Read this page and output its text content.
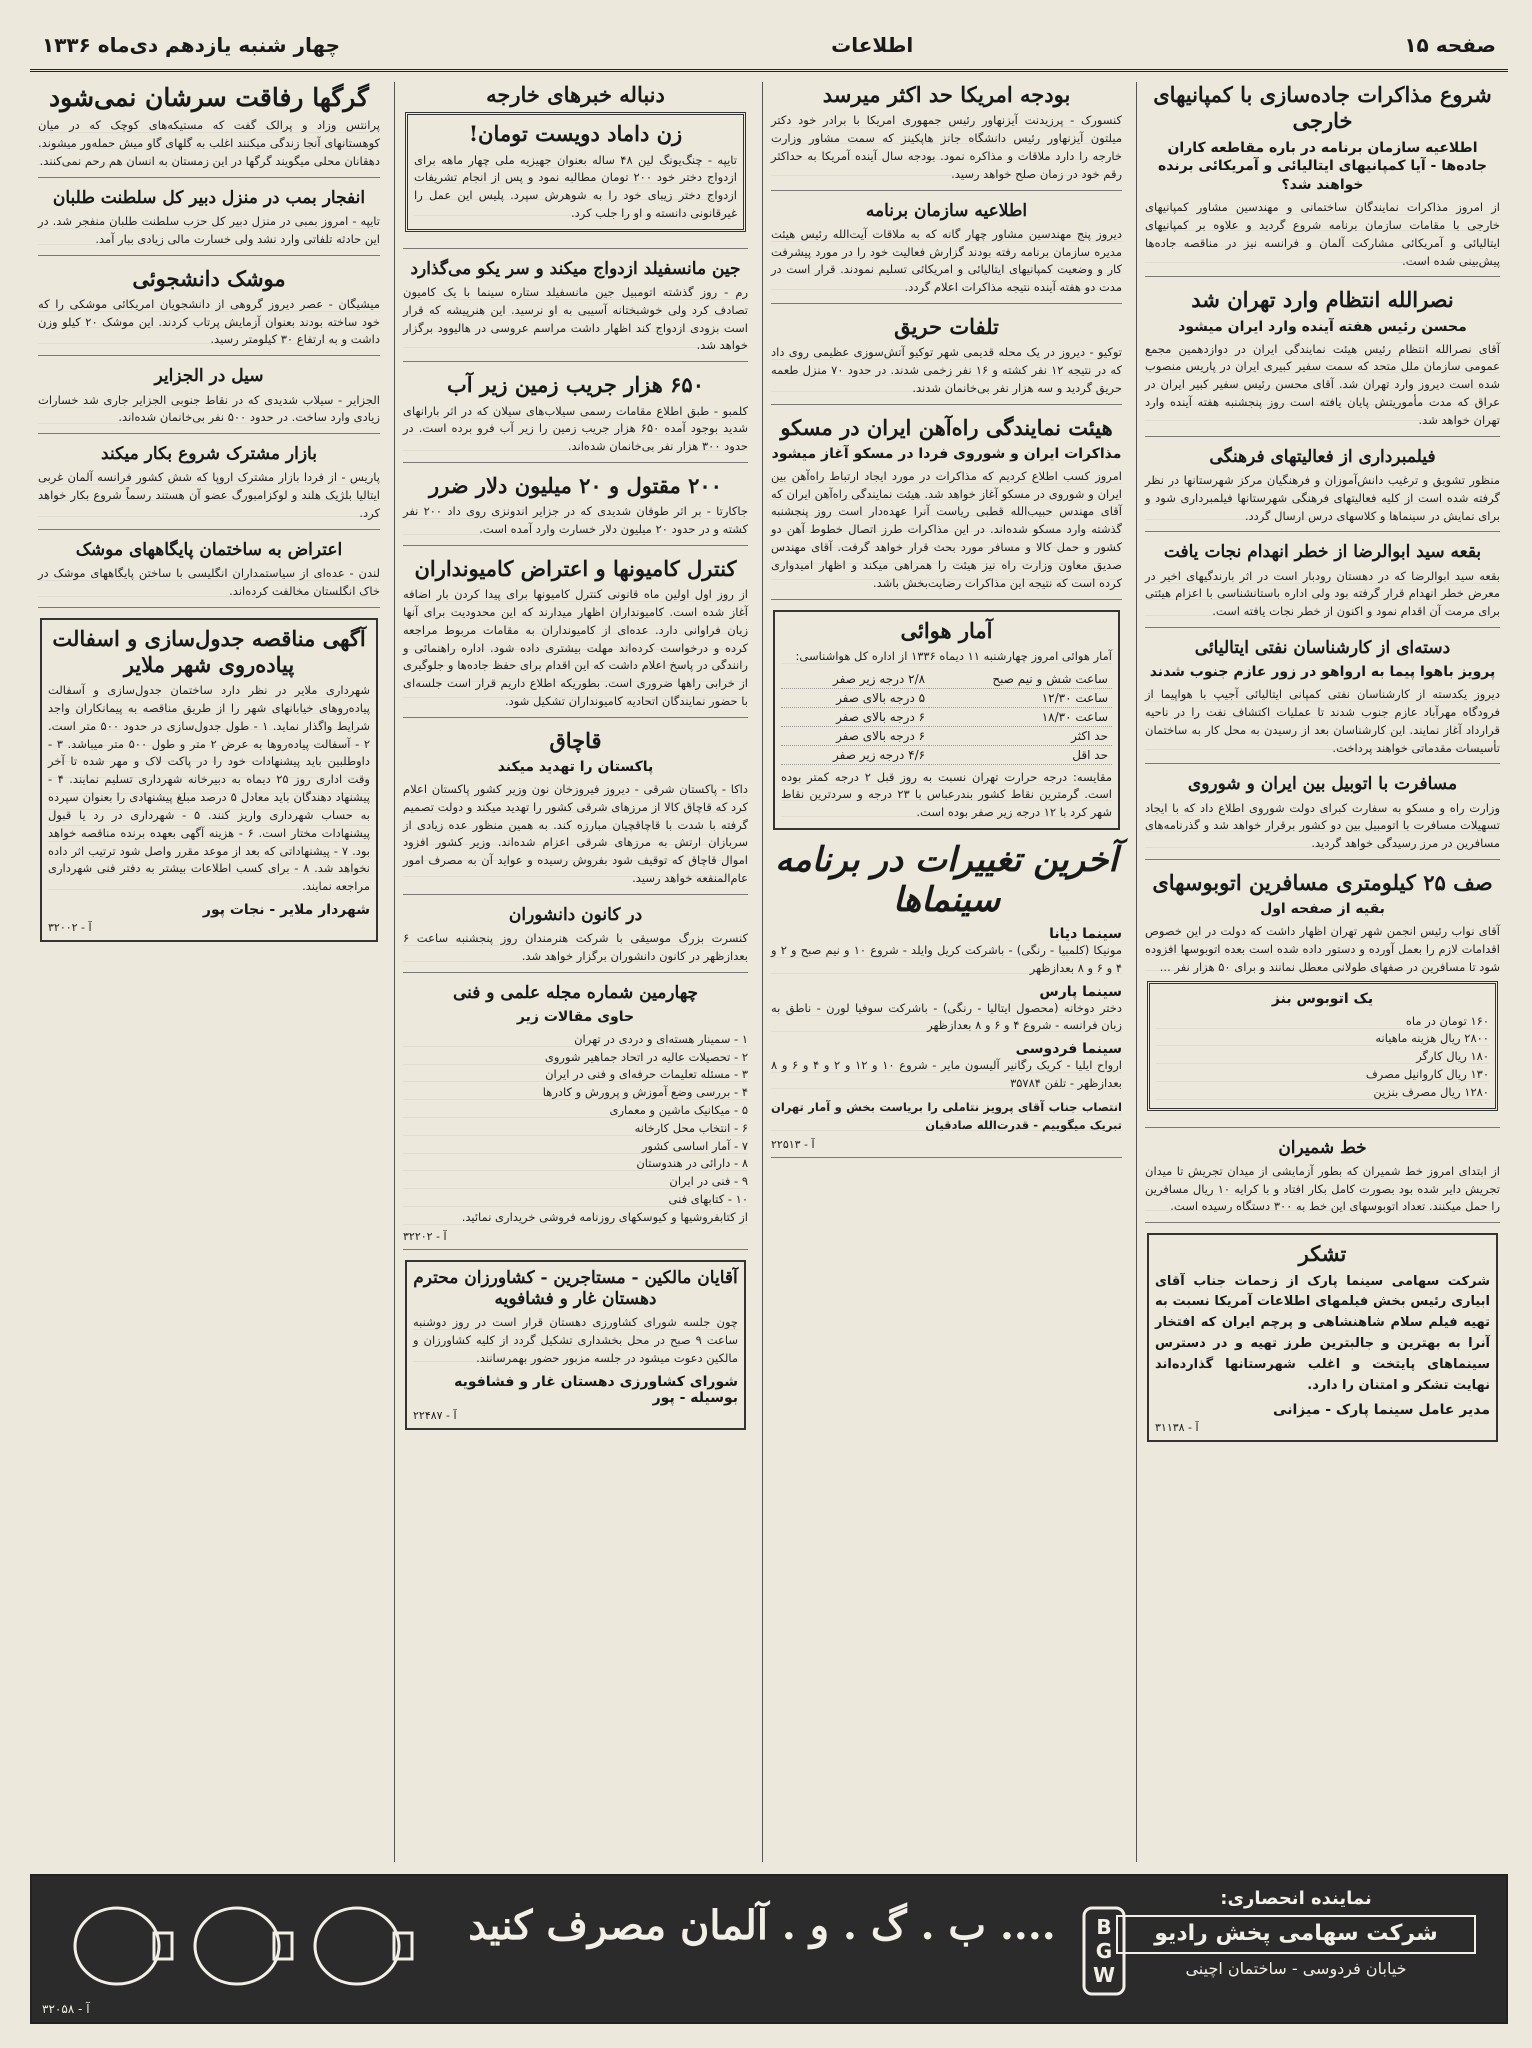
صفحه ۱۵
اطلاعات
چهار شنبه یازدهم دی‌ماه ۱۳۳۶
شروع مذاکرات جاده‌سازی با کمپانیهای خارجی
اطلاعیه سازمان برنامه در باره مقاطعه کاران جاده‌ها - آیا کمپانیهای ایتالیائی و آمریکائی برنده خواهند شد؟
از امروز مذاکرات نمایندگان ساختمانی و مهندسین مشاور کمپانیهای خارجی با مقامات سازمان برنامه شروع گردید و علاوه بر کمپانیهای ایتالیائی و آمریکائی مشارکت آلمان و فرانسه نیز در مناقصه جاده‌ها پیش‌بینی شده است.
نصرالله انتظام وارد تهران شد
محسن رئیس هفته آینده وارد ایران میشود
آقای نصرالله انتظام رئیس هیئت نمایندگی ایران در دوازدهمین مجمع عمومی سازمان ملل متحد که سمت سفیر کبیری ایران در پاریس منصوب شده است دیروز وارد تهران شد. آقای محسن رئیس سفیر کبیر ایران در عراق که مدت مأموریتش پایان یافته است روز پنجشنبه هفته آینده وارد تهران خواهد شد.
فیلمبرداری از فعالیتهای فرهنگی
منظور تشویق و ترغیب دانش‌آموزان و فرهنگیان مرکز شهرستانها در نظر گرفته شده است از کلیه فعالیتهای فرهنگی شهرستانها فیلمبرداری شود و برای نمایش در سینماها و کلاسهای درس ارسال گردد.
بقعه سید ابوالرضا از خطر انهدام نجات یافت
بقعه سید ابوالرضا که در دهستان رودبار است در اثر بارندگیهای اخیر در معرض خطر انهدام قرار گرفته بود ولی اداره باستانشناسی با اعزام هیئتی برای مرمت آن اقدام نمود و اکنون از خطر نجات یافته است.
دسته‌ای از کارشناسان نفتی ایتالیائی
پرویز باهوا پیما به ارواهو در زور عازم جنوب شدند
دیروز یکدسته از کارشناسان نفتی کمپانی ایتالیائی آجیپ با هواپیما از فرودگاه مهرآباد عازم جنوب شدند تا عملیات اکتشاف نفت را در ناحیه قرارداد آغاز نمایند. این کارشناسان بعد از رسیدن به محل کار به ساختمان تأسیسات مقدماتی خواهند پرداخت.
مسافرت با اتوبیل بین ایران و شوروی
وزارت راه و مسکو به سفارت کبرای دولت شوروی اطلاع داد که با ایجاد تسهیلات مسافرت با اتومبیل بین دو کشور برقرار خواهد شد و گذرنامه‌های مسافرین در مرز رسیدگی خواهد گردید.
صف ۲۵ کیلومتری مسافرین اتوبوسهای
بقیه از صفحه اول
آقای نواب رئیس انجمن شهر تهران اظهار داشت که دولت در این خصوص اقدامات لازم را بعمل آورده و دستور داده شده است بعده اتوبوسها افزوده شود تا مسافرین در صفهای طولانی معطل نمانند و برای ۵۰ هزار نفر ...
یک اتوبوس بنز
۱۶۰ تومان در ماه
۲۸۰۰ ریال هزینه ماهیانه
۱۸۰ ریال کارگر
۱۳۰ ریال کاروانیل مصرف
۱۲۸۰ ریال مصرف بنزین
خط شمیران
از ابتدای امروز خط شمیران که بطور آزمایشی از میدان تجریش تا میدان تجریش دایر شده بود بصورت کامل بکار افتاد و با کرایه ۱۰ ریال مسافرین را حمل میکنند. تعداد اتوبوسهای این خط به ۳۰۰ دستگاه رسیده است.
تشکر
شرکت سهامی سینما پارک از زحمات جناب آقای ابیاری رئیس بخش فیلمهای اطلاعات آمریکا نسبت به تهیه فیلم سلام شاهنشاهی و پرچم ایران که افتخار آنرا به بهترین و جالبترین طرز تهیه و در دسترس سینماهای پایتخت و اغلب شهرستانها گذارده‌اند نهایت تشکر و امتنان را دارد.
مدیر عامل سینما پارک - میزانی
آ - ۳۱۱۳۸
بودجه امریکا حد اکثر میرسد
کنسورک - پرزیدنت آیزنهاور رئیس جمهوری امریکا با برادر خود دکتر میلتون آیزنهاور رئیس دانشگاه جانز هاپکینز که سمت مشاور وزارت خارجه را دارد ملاقات و مذاکره نمود. بودجه سال آینده آمریکا به حداکثر رقم خود در زمان صلح خواهد رسید.
اطلاعیه سازمان برنامه
دیروز پنج مهندسین مشاور چهار گانه که به ملاقات آیت‌الله رئیس هیئت مدیره سازمان برنامه رفته بودند گزارش فعالیت خود را در مورد پیشرفت کار و وضعیت کمپانیهای ایتالیائی و امریکائی تسلیم نمودند. قرار است در مدت دو هفته آینده نتیجه مذاکرات اعلام گردد.
تلفات حریق
توکیو - دیروز در یک محله قدیمی شهر توکیو آتش‌سوزی عظیمی روی داد که در نتیجه ۱۲ نفر کشته و ۱۶ نفر زخمی شدند. در حدود ۷۰ منزل طعمه حریق گردید و سه هزار نفر بی‌خانمان شدند.
هیئت نمایندگی راه‌آهن ایران در مسکو
مذاکرات ایران و شوروی فردا در مسکو آغاز میشود
امروز کسب اطلاع کردیم که مذاکرات در مورد ایجاد ارتباط راه‌آهن بین ایران و شوروی در مسکو آغاز خواهد شد. هیئت نمایندگی راه‌آهن ایران که آقای مهندس حبیب‌الله قطبی ریاست آنرا عهده‌دار است روز پنجشنبه گذشته وارد مسکو شده‌اند. در این مذاکرات طرز اتصال خطوط آهن دو کشور و حمل کالا و مسافر مورد بحث قرار خواهد گرفت. آقای مهندس صدیق معاون وزارت راه نیز هیئت را همراهی میکند و اظهار امیدواری کرده است که نتیجه این مذاکرات رضایت‌بخش باشد.
آمار هوائی
آمار هوائی امروز چهارشنبه ۱۱ دیماه ۱۳۳۶ از اداره کل هواشناسی:
ساعت شش و نیم صبح	۲/۸ درجه زیر صفر
ساعت ۱۲/۳۰	۵ درجه بالای صفر
ساعت ۱۸/۳۰	۶ درجه بالای صفر
حد اکثر	۶ درجه بالای صفر
حد اقل	۴/۶ درجه زیر صفر
مقایسه: درجه حرارت تهران نسبت به روز قبل ۲ درجه کمتر بوده است. گرمترین نقاط کشور بندرعباس با ۲۳ درجه و سردترین نقاط شهر کرد با ۱۲ درجه زیر صفر بوده است.
آخرین تغییرات در برنامه سینماها
سینما دیانا
مونیکا (کلمبیا - رنگی) - باشرکت کریل وایلد - شروع ۱۰ و نیم صبح و ۲ و ۴ و ۶ و ۸ بعدازظهر
سینما پارس
دختر دوخانه (محصول ایتالیا - رنگی) - باشرکت سوفیا لورن - ناطق به زبان فرانسه - شروع ۴ و ۶ و ۸ بعدازظهر
سینما فردوسی
ارواح ایلیا - کریک رگانیر آلیسون مایر - شروع ۱۰ و ۱۲ و ۲ و ۴ و ۶ و ۸ بعدازظهر - تلفن ۳۵۷۸۴
انتصاب جناب آقای پرویز نتاملی را بریاست بخش و آمار تهران تبریک میگوییم - قدرت‌الله صادقیان
آ - ۲۲۵۱۳
دنباله خبرهای خارجه
زن داماد دویست تومان!
تایپه - چنگ‌یونگ لین ۴۸ ساله بعنوان جهیزیه ملی چهار ماهه برای ازدواج دختر خود ۲۰۰ تومان مطالبه نمود و پس از انجام تشریفات ازدواج دختر زیبای خود را به شوهرش سپرد. پلیس این عمل را غیرقانونی دانسته و او را جلب کرد.
جین مانسفیلد ازدواج میکند و سر یکو می‌گذارد
رم - روز گذشته اتومبیل جین مانسفیلد ستاره سینما با یک کامیون تصادف کرد ولی خوشبختانه آسیبی به او نرسید. این هنرپیشه که قرار است بزودی ازدواج کند اظهار داشت مراسم عروسی در هالیوود برگزار خواهد شد.
۶۵۰ هزار جریب زمین زیر آب
کلمبو - طبق اطلاع مقامات رسمی سیلاب‌های سیلان که در اثر بارانهای شدید بوجود آمده ۶۵۰ هزار جریب زمین را زیر آب فرو برده است. در حدود ۳۰۰ هزار نفر بی‌خانمان شده‌اند.
۲۰۰ مقتول و ۲۰ میلیون دلار ضرر
جاکارتا - بر اثر طوفان شدیدی که در جزایر اندونزی روی داد ۲۰۰ نفر کشته و در حدود ۲۰ میلیون دلار خسارت وارد آمده است.
کنترل کامیونها و اعتراض کامیونداران
از روز اول اولین ماه قانونی کنترل کامیونها برای پیدا کردن بار اضافه آغاز شده است. کامیونداران اظهار میدارند که این محدودیت برای آنها زیان فراوانی دارد. عده‌ای از کامیونداران به مقامات مربوط مراجعه کرده و درخواست کرده‌اند مهلت بیشتری داده شود. اداره راهنمائی و رانندگی در پاسخ اعلام داشت که این اقدام برای حفظ جاده‌ها و جلوگیری از خرابی راهها ضروری است. بطوریکه اطلاع داریم قرار است جلسه‌ای با حضور نمایندگان اتحادیه کامیونداران تشکیل شود.
قاچاق
پاکستان را تهدید میکند
داکا - پاکستان شرقی - دیروز فیروزخان نون وزیر کشور پاکستان اعلام کرد که قاچاق کالا از مرزهای شرقی کشور را تهدید میکند و دولت تصمیم گرفته با شدت با قاچاقچیان مبارزه کند. به همین منظور عده زیادی از سربازان ارتش به مرزهای شرقی اعزام شده‌اند. وزیر کشور افزود اموال قاچاق که توقیف شود بفروش رسیده و عواید آن به مصرف امور عام‌المنفعه خواهد رسید.
در کانون دانشوران
کنسرت بزرگ موسیقی با شرکت هنرمندان روز پنجشنبه ساعت ۶ بعدازظهر در کانون دانشوران برگزار خواهد شد.
چهارمین شماره مجله علمی و فنی
حاوی مقالات زیر
۱ - سمینار هسته‌ای و دردی در تهران
۲ - تحصیلات عالیه در اتحاد جماهیر شوروی
۳ - مسئله تعلیمات حرفه‌ای و فنی در ایران
۴ - بررسی وضع آموزش و پرورش و کادرها
۵ - میکانیک ماشین و معماری
۶ - انتخاب محل کارخانه
۷ - آمار اساسی کشور
۸ - دارائی در هندوستان
۹ - فنی در ایران
۱۰ - کتابهای فنی
از کتابفروشیها و کیوسکهای روزنامه فروشی خریداری نمائید.
آ - ۳۲۲۰۲
آقایان مالکین - مستاجرین - کشاورزان محترم دهستان غار و فشافویه
چون جلسه شورای کشاورزی دهستان قرار است در روز دوشنبه ساعت ۹ صبح در محل بخشداری تشکیل گردد از کلیه کشاورزان و مالکین دعوت میشود در جلسه مزبور حضور بهمرسانند.
شورای کشاورزی دهستان غار و فشافویه بوسیله - پور
آ - ۲۲۴۸۷
گرگها رفاقت سرشان نمی‌شود
پرانتس وزاد و پرالک گفت که مستیکه‌های کوچک که در میان کوهستانهای آنجا زندگی میکنند اغلب به گلهای گاو میش حمله‌ور میشوند. دهقانان محلی میگویند گرگها در این زمستان به انسان هم رحم نمی‌کنند.
انفجار بمب در منزل دبیر کل سلطنت طلبان
تایپه - امروز بمبی در منزل دبیر کل حزب سلطنت طلبان منفجر شد. در این حادثه تلفاتی وارد نشد ولی خسارت مالی زیادی ببار آمد.
موشک دانشجوئی
میشیگان - عصر دیروز گروهی از دانشجویان امریکائی موشکی را که خود ساخته بودند بعنوان آزمایش پرتاب کردند. این موشک ۲۰ کیلو وزن داشت و به ارتفاع ۳۰ کیلومتر رسید.
سیل در الجزایر
الجزایر - سیلاب شدیدی که در نقاط جنوبی الجزایر جاری شد خسارات زیادی وارد ساخت. در حدود ۵۰۰ نفر بی‌خانمان شده‌اند.
بازار مشترک شروع بکار میکند
پاریس - از فردا بازار مشترک اروپا که شش کشور فرانسه آلمان غربی ایتالیا بلژیک هلند و لوکزامبورگ عضو آن هستند رسماً شروع بکار خواهد کرد.
اعتراض به ساختمان پایگاههای موشک
لندن - عده‌ای از سیاستمداران انگلیسی با ساختن پایگاههای موشک در خاک انگلستان مخالفت کرده‌اند.
آگهی مناقصه جدول‌سازی و اسفالت پیاده‌روی شهر ملایر
شهرداری ملایر در نظر دارد ساختمان جدول‌سازی و آسفالت پیاده‌روهای خیابانهای شهر را از طریق مناقصه به پیمانکاران واجد شرایط واگذار نماید. ۱ - طول جدول‌سازی در حدود ۵۰۰ متر است. ۲ - آسفالت پیاده‌روها به عرض ۲ متر و طول ۵۰۰ متر میباشد. ۳ - داوطلبین باید پیشنهادات خود را در پاکت لاک و مهر شده تا آخر وقت اداری روز ۲۵ دیماه به دبیرخانه شهرداری تسلیم نمایند. ۴ - پیشنهاد دهندگان باید معادل ۵ درصد مبلغ پیشنهادی را بعنوان سپرده به حساب شهرداری واریز کنند. ۵ - شهرداری در رد یا قبول پیشنهادات مختار است. ۶ - هزینه آگهی بعهده برنده مناقصه خواهد بود. ۷ - پیشنهاداتی که بعد از موعد مقرر واصل شود ترتیب اثر داده نخواهد شد. ۸ - برای کسب اطلاعات بیشتر به دفتر فنی شهرداری مراجعه نمایند.
شهردار ملایر - نجات پور
آ - ۳۲۰۰۲
.... ب . گ . و . آلمان مصرف کنید	B
G
W
نماینده انحصاری:
شرکت سهامی پخش رادیو
خیابان فردوسی - ساختمان اچینی
آ - ۳۲۰۵۸
